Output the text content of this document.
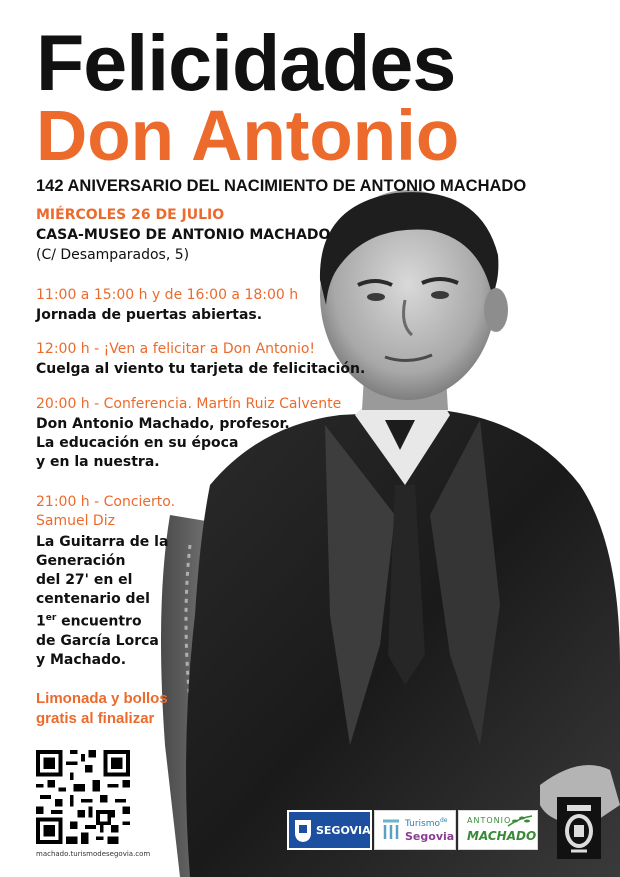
Felicidades
Don Antonio

142 ANIVERSARIO DEL NACIMIENTO DE ANTONIO MACHADO

MIÉRCOLES 26 DE JULIO

CASA-MUSEO DE ANTONIO MACHADO

(C/ Desamparados, 5)

11:00 a 15:00 h y de 16:00 a 18:00 h

Jornada de puertas abiertas.

12:00 h - ¡Ven a felicitar a Don Antonio!

Cuelga al viento tu tarjeta de felicitación.

20:00 h - Conferencia. Martín Ruiz Calvente

Don Antonio Machado, profesor.
La educación en su época
y en la nuestra.
21:00 h - Concierto.
Samuel Diz
La Guitarra de la
Generación
del 27' en el
centenario del
1er encuentro
de García Lorca
y Machado.
Limonada y bollos
gratis al finalizar

machado.turismodesegovia.com

SEGOVIA	Turismo$^{de}$

Segovia

ANTONIO

MACHADO
